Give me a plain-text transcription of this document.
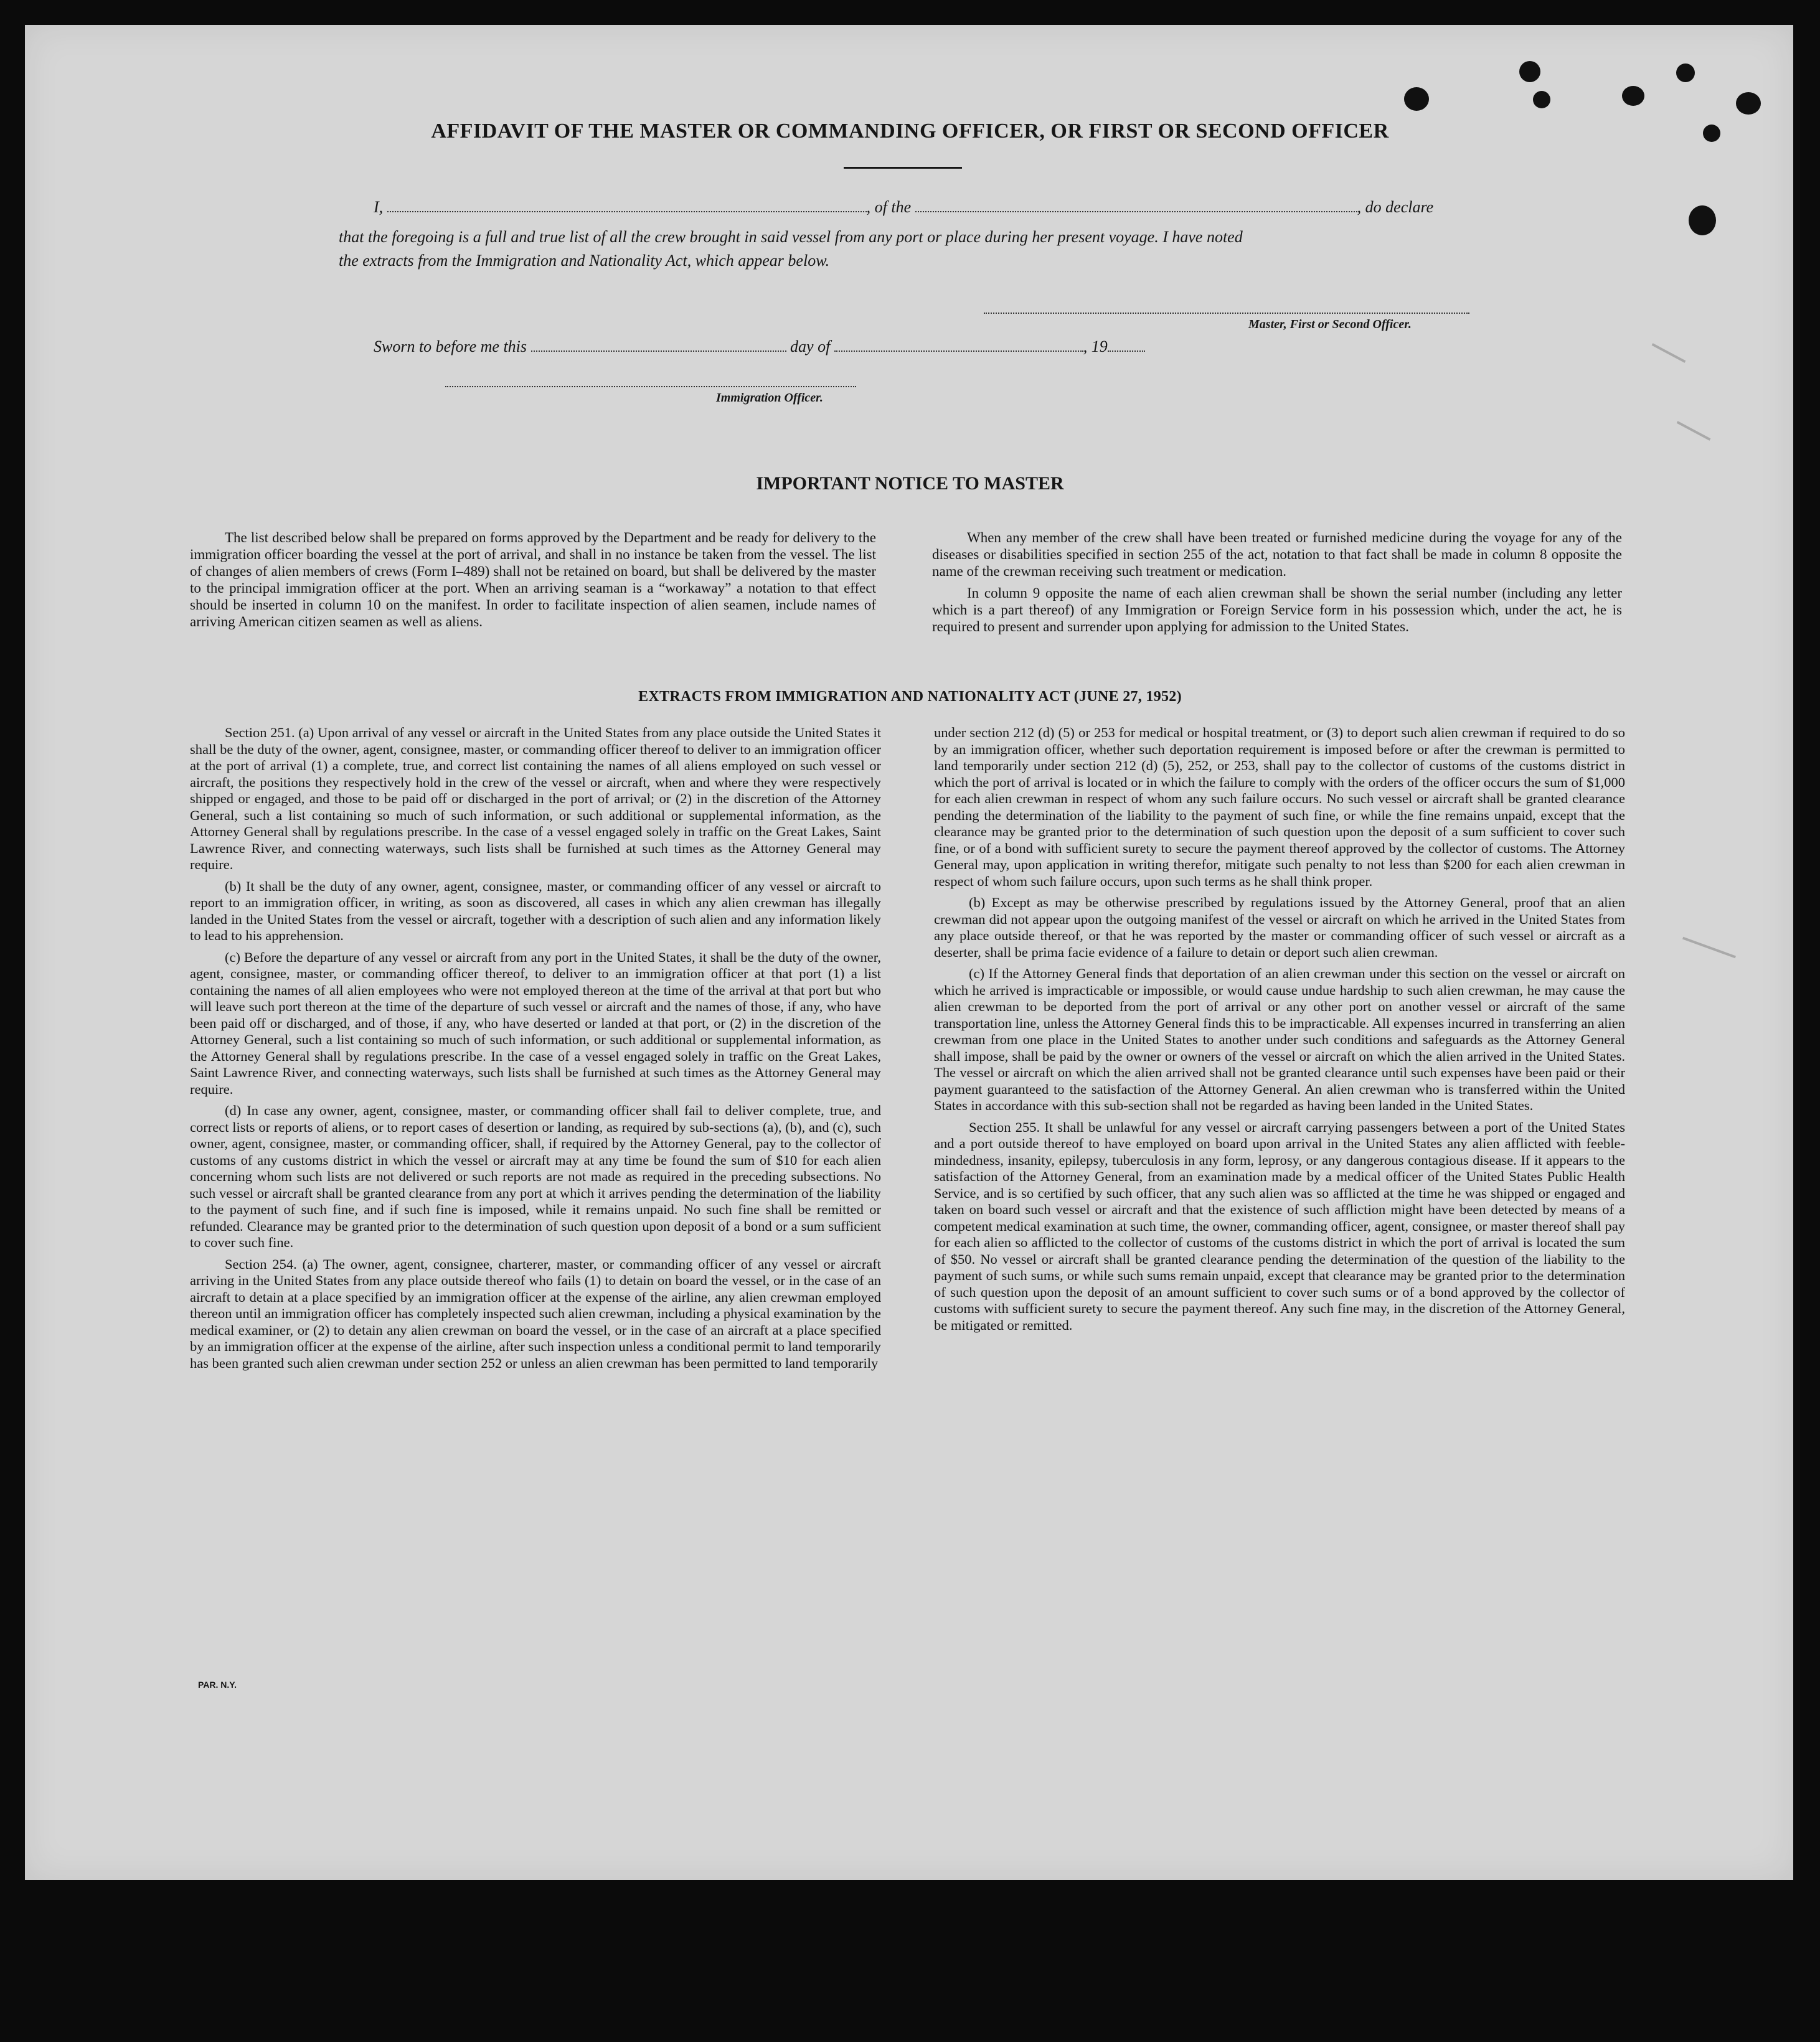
AFFIDAVIT OF THE MASTER OR COMMANDING OFFICER, OR FIRST OR SECOND OFFICER
I,	, of the	, do declare
that the foregoing is a full and true list of all the crew brought in said vessel from any port or place during her present voyage. I have noted
the extracts from the Immigration and Nationality Act, which appear below.
Master, First or Second Officer.
Sworn to before me this	day of	, 19
Immigration Officer.
IMPORTANT NOTICE TO MASTER

The list described below shall be prepared on forms approved by the Department and be ready for delivery to the immigration officer boarding the vessel at the port of arrival, and shall in no instance be taken from the vessel. The list of changes of alien members of crews (Form I–489) shall not be retained on board, but shall be delivered by the master to the principal immigration officer at the port. When an arriving seaman is a “workaway” a notation to that effect should be inserted in column 10 on the manifest. In order to facilitate inspection of alien seamen, include names of arriving American citizen seamen as well as aliens.

When any member of the crew shall have been treated or furnished medicine during the voyage for any of the diseases or disabilities specified in section 255 of the act, notation to that fact shall be made in column 8 opposite the name of the crewman receiving such treatment or medication.

In column 9 opposite the name of each alien crewman shall be shown the serial number (including any letter which is a part thereof) of any Immigration or Foreign Service form in his possession which, under the act, he is required to present and surrender upon applying for admission to the United States.

EXTRACTS FROM IMMIGRATION AND NATIONALITY ACT (JUNE 27, 1952)

Section 251. (a) Upon arrival of any vessel or aircraft in the United States from any place outside the United States it shall be the duty of the owner, agent, consignee, master, or commanding officer thereof to deliver to an immigration officer at the port of arrival (1) a complete, true, and correct list containing the names of all aliens employed on such vessel or aircraft, the positions they respectively hold in the crew of the vessel or aircraft, when and where they were respectively shipped or engaged, and those to be paid off or discharged in the port of arrival; or (2) in the discretion of the Attorney General, such a list containing so much of such information, or such additional or supplemental information, as the Attorney General shall by regulations prescribe. In the case of a vessel engaged solely in traffic on the Great Lakes, Saint Lawrence River, and connecting waterways, such lists shall be furnished at such times as the Attorney General may require.

(b) It shall be the duty of any owner, agent, consignee, master, or commanding officer of any vessel or aircraft to report to an immigration officer, in writing, as soon as discovered, all cases in which any alien crewman has illegally landed in the United States from the vessel or aircraft, together with a description of such alien and any information likely to lead to his apprehension.

(c) Before the departure of any vessel or aircraft from any port in the United States, it shall be the duty of the owner, agent, consignee, master, or commanding officer thereof, to deliver to an immigration officer at that port (1) a list containing the names of all alien employees who were not employed thereon at the time of the arrival at that port but who will leave such port thereon at the time of the departure of such vessel or aircraft and the names of those, if any, who have been paid off or discharged, and of those, if any, who have deserted or landed at that port, or (2) in the discretion of the Attorney General, such a list containing so much of such information, or such additional or supplemental information, as the Attorney General shall by regulations prescribe. In the case of a vessel engaged solely in traffic on the Great Lakes, Saint Lawrence River, and connecting waterways, such lists shall be furnished at such times as the Attorney General may require.

(d) In case any owner, agent, consignee, master, or commanding officer shall fail to deliver complete, true, and correct lists or reports of aliens, or to report cases of desertion or landing, as required by sub-sections (a), (b), and (c), such owner, agent, consignee, master, or commanding officer, shall, if required by the Attorney General, pay to the collector of customs of any customs district in which the vessel or aircraft may at any time be found the sum of $10 for each alien concerning whom such lists are not delivered or such reports are not made as required in the preceding subsections. No such vessel or aircraft shall be granted clearance from any port at which it arrives pending the determination of the liability to the payment of such fine, and if such fine is imposed, while it remains unpaid. No such fine shall be remitted or refunded. Clearance may be granted prior to the determination of such question upon deposit of a bond or a sum sufficient to cover such fine.

Section 254. (a) The owner, agent, consignee, charterer, master, or commanding officer of any vessel or aircraft arriving in the United States from any place outside thereof who fails (1) to detain on board the vessel, or in the case of an aircraft to detain at a place specified by an immigration officer at the expense of the airline, any alien crewman employed thereon until an immigration officer has completely inspected such alien crewman, including a physical examination by the medical examiner, or (2) to detain any alien crewman on board the vessel, or in the case of an aircraft at a place specified by an immigration officer at the expense of the airline, after such inspection unless a conditional permit to land temporarily has been granted such alien crewman under section 252 or unless an alien crewman has been permitted to land temporarily

under section 212 (d) (5) or 253 for medical or hospital treatment, or (3) to deport such alien crewman if required to do so by an immigration officer, whether such deportation requirement is imposed before or after the crewman is permitted to land temporarily under section 212 (d) (5), 252, or 253, shall pay to the collector of customs of the customs district in which the port of arrival is located or in which the failure to comply with the orders of the officer occurs the sum of $1,000 for each alien crewman in respect of whom any such failure occurs. No such vessel or aircraft shall be granted clearance pending the determination of the liability to the payment of such fine, or while the fine remains unpaid, except that the clearance may be granted prior to the determination of such question upon the deposit of a sum sufficient to cover such fine, or of a bond with sufficient surety to secure the payment thereof approved by the collector of customs. The Attorney General may, upon application in writing therefor, mitigate such penalty to not less than $200 for each alien crewman in respect of whom such failure occurs, upon such terms as he shall think proper.

(b) Except as may be otherwise prescribed by regulations issued by the Attorney General, proof that an alien crewman did not appear upon the outgoing manifest of the vessel or aircraft on which he arrived in the United States from any place outside thereof, or that he was reported by the master or commanding officer of such vessel or aircraft as a deserter, shall be prima facie evidence of a failure to detain or deport such alien crewman.

(c) If the Attorney General finds that deportation of an alien crewman under this section on the vessel or aircraft on which he arrived is impracticable or impossible, or would cause undue hardship to such alien crewman, he may cause the alien crewman to be deported from the port of arrival or any other port on another vessel or aircraft of the same transportation line, unless the Attorney General finds this to be impracticable. All expenses incurred in transferring an alien crewman from one place in the United States to another under such conditions and safeguards as the Attorney General shall impose, shall be paid by the owner or owners of the vessel or aircraft on which the alien arrived in the United States. The vessel or aircraft on which the alien arrived shall not be granted clearance until such expenses have been paid or their payment guaranteed to the satisfaction of the Attorney General. An alien crewman who is transferred within the United States in accordance with this sub-section shall not be regarded as having been landed in the United States.

Section 255. It shall be unlawful for any vessel or aircraft carrying passengers between a port of the United States and a port outside thereof to have employed on board upon arrival in the United States any alien afflicted with feeble-mindedness, insanity, epilepsy, tuberculosis in any form, leprosy, or any dangerous contagious disease. If it appears to the satisfaction of the Attorney General, from an examination made by a medical officer of the United States Public Health Service, and is so certified by such officer, that any such alien was so afflicted at the time he was shipped or engaged and taken on board such vessel or aircraft and that the existence of such affliction might have been detected by means of a competent medical examination at such time, the owner, commanding officer, agent, consignee, or master thereof shall pay for each alien so afflicted to the collector of customs of the customs district in which the port of arrival is located the sum of $50. No vessel or aircraft shall be granted clearance pending the determination of the question of the liability to the payment of such sums, or while such sums remain unpaid, except that clearance may be granted prior to the determination of such question upon the deposit of an amount sufficient to cover such sums or of a bond approved by the collector of customs with sufficient surety to secure the payment thereof. Any such fine may, in the discretion of the Attorney General, be mitigated or remitted.

PAR. N.Y.
